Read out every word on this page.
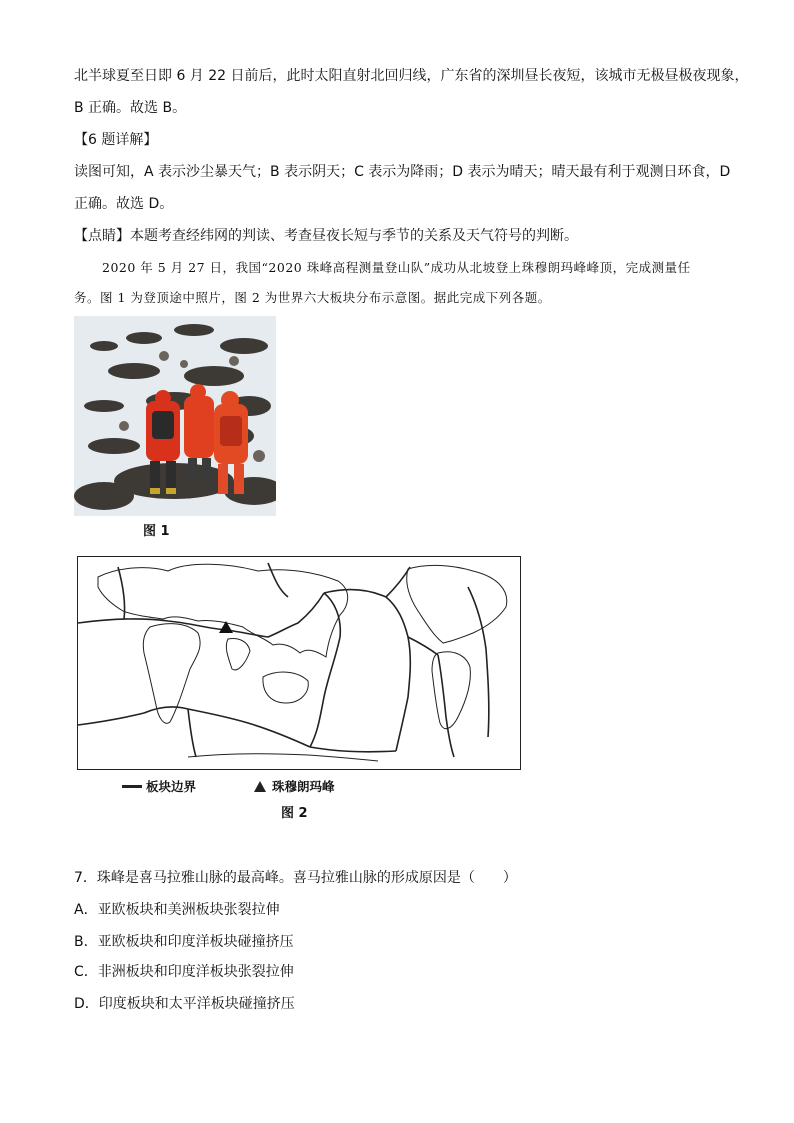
北半球夏至日即 6 月 22 日前后，此时太阳直射北回归线，广东省的深圳昼长夜短，该城市无极昼极夜现象，
B 正确。故选 B。
【6 题详解】
读图可知，A 表示沙尘暴天气；B 表示阴天；C 表示为降雨；D 表示为晴天；晴天最有利于观测日环食，D
正确。故选 D。
【点睛】本题考查经纬网的判读、考查昼夜长短与季节的关系及天气符号的判断。
2020 年 5 月 27 日，我国“2020 珠峰高程测量登山队”成功从北坡登上珠穆朗玛峰峰顶，完成测量任
务。图 1 为登顶途中照片，图 2 为世界六大板块分布示意图。据此完成下列各题。
图 1
板块边界	珠穆朗玛峰
图 2
7．珠峰是喜马拉雅山脉的最高峰。喜马拉雅山脉的形成原因是（　　）
A．亚欧板块和美洲板块张裂拉伸
B．亚欧板块和印度洋板块碰撞挤压
C．非洲板块和印度洋板块张裂拉伸
D．印度板块和太平洋板块碰撞挤压
